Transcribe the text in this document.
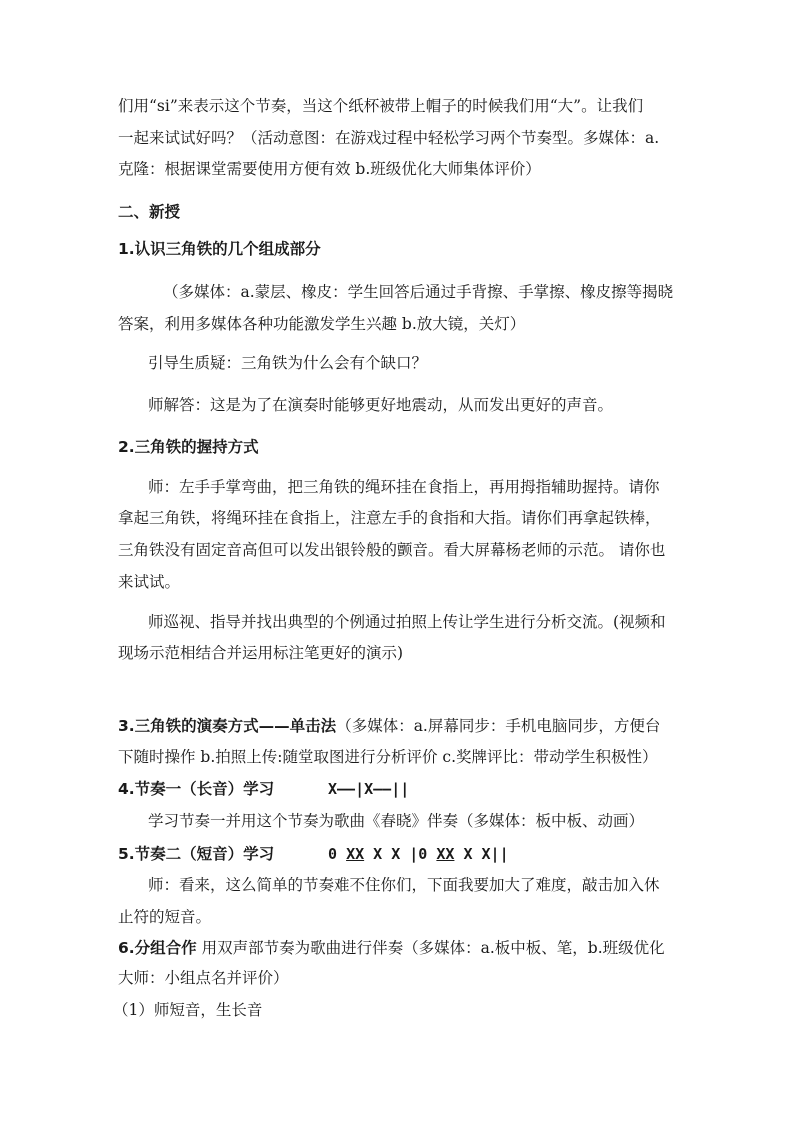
们用“si”来表示这个节奏，当这个纸杯被带上帽子的时候我们用“大”。让我们
一起来试试好吗？（活动意图：在游戏过程中轻松学习两个节奏型。多媒体：a.
克隆：根据课堂需要使用方便有效 b.班级优化大师集体评价）
二、新授
1.认识三角铁的几个组成部分
（多媒体：a.蒙层、橡皮：学生回答后通过手背擦、手掌擦、橡皮擦等揭晓
答案，利用多媒体各种功能激发学生兴趣 b.放大镜，关灯）
引导生质疑：三角铁为什么会有个缺口？
师解答：这是为了在演奏时能够更好地震动，从而发出更好的声音。
2.三角铁的握持方式
师：左手手掌弯曲，把三角铁的绳环挂在食指上，再用拇指辅助握持。请你
拿起三角铁，将绳环挂在食指上，注意左手的食指和大指。请你们再拿起铁棒，
三角铁没有固定音高但可以发出银铃般的颤音。看大屏幕杨老师的示范。 请你也
来试试。
师巡视、指导并找出典型的个例通过拍照上传让学生进行分析交流。(视频和
现场示范相结合并运用标注笔更好的演示)
3.三角铁的演奏方式——单击法（多媒体：a.屏幕同步：手机电脑同步，方便台
下随时操作 b.拍照上传:随堂取图进行分析评价 c.奖牌评比：带动学生积极性）
4.节奏一（长音）学习	X——|X——||
学习节奏一并用这个节奏为歌曲《春晓》伴奏（多媒体：板中板、动画）
5.节奏二（短音）学习	0 XX X X |0 XX X X||
师：看来，这么简单的节奏难不住你们，下面我要加大了难度，敲击加入休
止符的短音。
6.分组合作 用双声部节奏为歌曲进行伴奏（多媒体：a.板中板、笔，b.班级优化
大师：小组点名并评价）
（1）师短音，生长音
